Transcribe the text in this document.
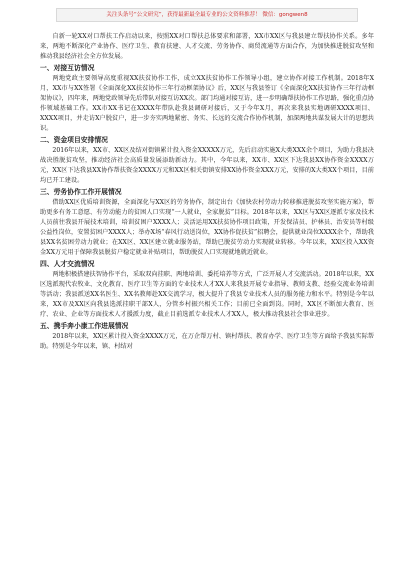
关注头条号“公文研究”，获得最新最全最专业的公文资料推荐！ 微信：gongwen8

自新一轮XX对口帮扶工作启动以来，按照XX对口帮扶总体要求和部署，XX市XX区与我县建立帮扶协作关系。多年来，两地不断深化产业协作、医疗卫生、教育扶建、人才交流、劳务协作、商贸流通等方面合作，为加快推进脱贫攻坚和推动我县经济社会全方位发展。

一、对接互访情况

两地党政主要领导高度重视XX扶贫协作工作，成立XX扶贫协作工作领导小组，建立协作对接工作机制。2018年X月，XX市与XX签署《全面深化XX扶贫协作三年行动框架协议》后，XX区与我县签订《全面深化XX扶贫协作三年行动框架协议》，四年来，两地党政领导先后带队对接互访XX次。部门均通对接互访，进一步明确帮扶协作工作思路，强化重点协作领域基础工作。XX市XX书记在XXXX年带队赴我县调研对接后，又于今年X月，再次来我县实地调研XXXX项目、XXXX项目，并走访X户脱贫户，进一步夯实两地紧密、务实、长远的交流合作协作机制，加深两地共谋发展大计的思想共识。

二、资金项目安排情况

2016年以来，XX市、XX区及结对街镇累计投入资金XXXXX万元，先后启动实施X大类XXX余个项目，为助力我县决战决胜脱贫攻坚，推动经济社会高质量发展添助新动力。其中，今年以来，XX市、XX区下达我县XX协作资金XXXX万元，XX区下达我县XX协作帮扶资金XXXX万元和XX区相关街镇安排XX协作资金XXX万元，安排的X大类XX个项目，目前均已开工建设。

三、劳务协作工作开展情况

借助XX区优质培训资源，全面深化与XX区的劳务协作，制定出台《加快农村劳动力转移推进脱贫攻坚实施方案》，帮助更多有务工意愿、有劳动能力的贫困人口实现“一人就业，全家脱贫”目标。2018年以来，XX区与XX区逐派专家及技术人员前往我县开展技术培训，培训贫困户XXXX人；灵活运用XX扶贫协作项目政策，开发保洁员、护林员、治安员等村级公益性岗位，安置贫困户XXXX人；举办X场“春风行动送岗位，XX协作促扶贫”招聘会，提供就业岗位XXXX余个，帮助我县XX名贫困劳动力就业；在XX区、XX区建立就业服务站，帮助已脱贫劳动力实现就业转移。今年以来，XX区投入XX资金XX万元用于保障我县脱贫户稳定就业补贴项目，帮助脱贫人口实现就地就近就业。

四、人才交流情况

两地积极搭建扶智协作平台，采取双向挂职、两地培训、委托培养等方式，广泛开展人才交流活动。2018年以来，XX区选派现代农牧业、文化教育、医疗卫生等方面的专业技术人才XX人来我县开展专业指导、教师支教、经验交流业务培训等活动；我县派送XX名医生、XX名教师赴XX交流学习，极大提升了我县专业技术人员的服务能力和水平。特别是今年以来，XX市及XX区向我县选派挂职干部X人，分管乡村振兴相关工作；目前已全面到岗。同时，XX区不断加大教育、医疗、农业、企业等方面技术人才援派力度，截止目前选派专业技术人才XX人，极大推动我县社会事业进步。

五、携手奔小康工作进展情况

2018年以来，XX区累计投入资金XXXX万元，在万企帮万村、镇村帮扶、教育办学、医疗卫生等方面给予我县实际帮助。特别是今年以来，镇、村结对
